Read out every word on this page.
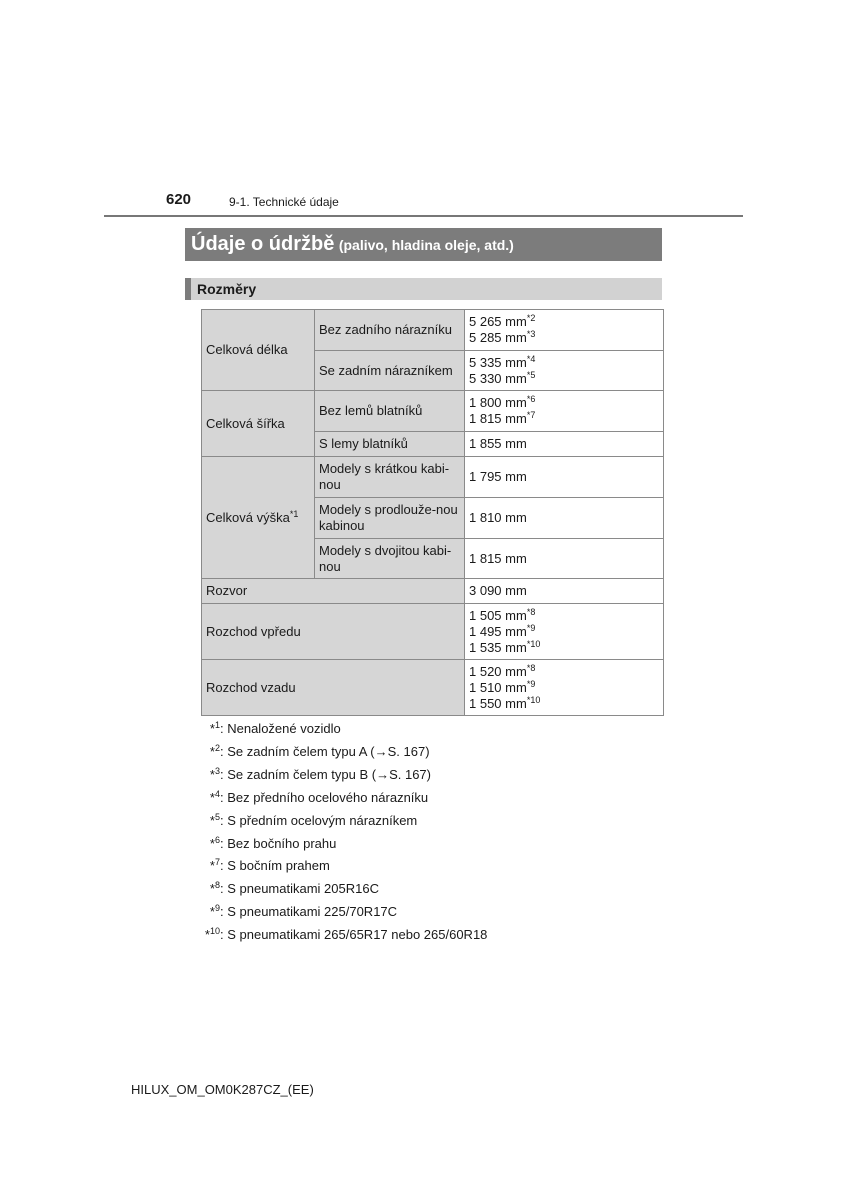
620	9-1. Technické údaje
Údaje o údržbě (palivo, hladina oleje, atd.)
Rozměry
Celková délka	Bez zadního nárazníku	5 265 $mm^{*2}$
5 285 $mm^{*3}$
	Se zadním nárazníkem	5 335 $mm^{*4}$
5 330 $mm^{*5}$
Celková šířka	Bez lemů blatníků	1 800 $mm^{*6}$
1 815 $mm^{*7}$
	S lemy blatníků	1 855 mm
Celková výška$^{*1}$	Modely s krátkou kabi-nou	1 795 mm
	Modely s prodlouže-nou kabinou	1 810 mm
	Modely s dvojitou kabi-nou	1 815 mm
Rozvor		3 090 mm
Rozchod vpředu		1 505 $mm^{*8}$
1 495 $mm^{*9}$
1 535 $mm^{*10}$
Rozchod vzadu		1 520 $mm^{*8}$
1 510 $mm^{*9}$
1 550 $mm^{*10}$
*$^1$: Nenaložené vozidlo
*$^2$: Se zadním čelem typu A (→S. 167)
*$^3$: Se zadním čelem typu B (→S. 167)
*$^4$: Bez předního ocelového nárazníku
*$^5$: S předním ocelovým nárazníkem
*$^6$: Bez bočního prahu
*$^7$: S bočním prahem
*$^8$: S pneumatikami 205R16C
*$^9$: S pneumatikami 225/70R17C
*$^{10}$: S pneumatikami 265/65R17 nebo 265/60R18
HILUX_OM_OM0K287CZ_(EE)
